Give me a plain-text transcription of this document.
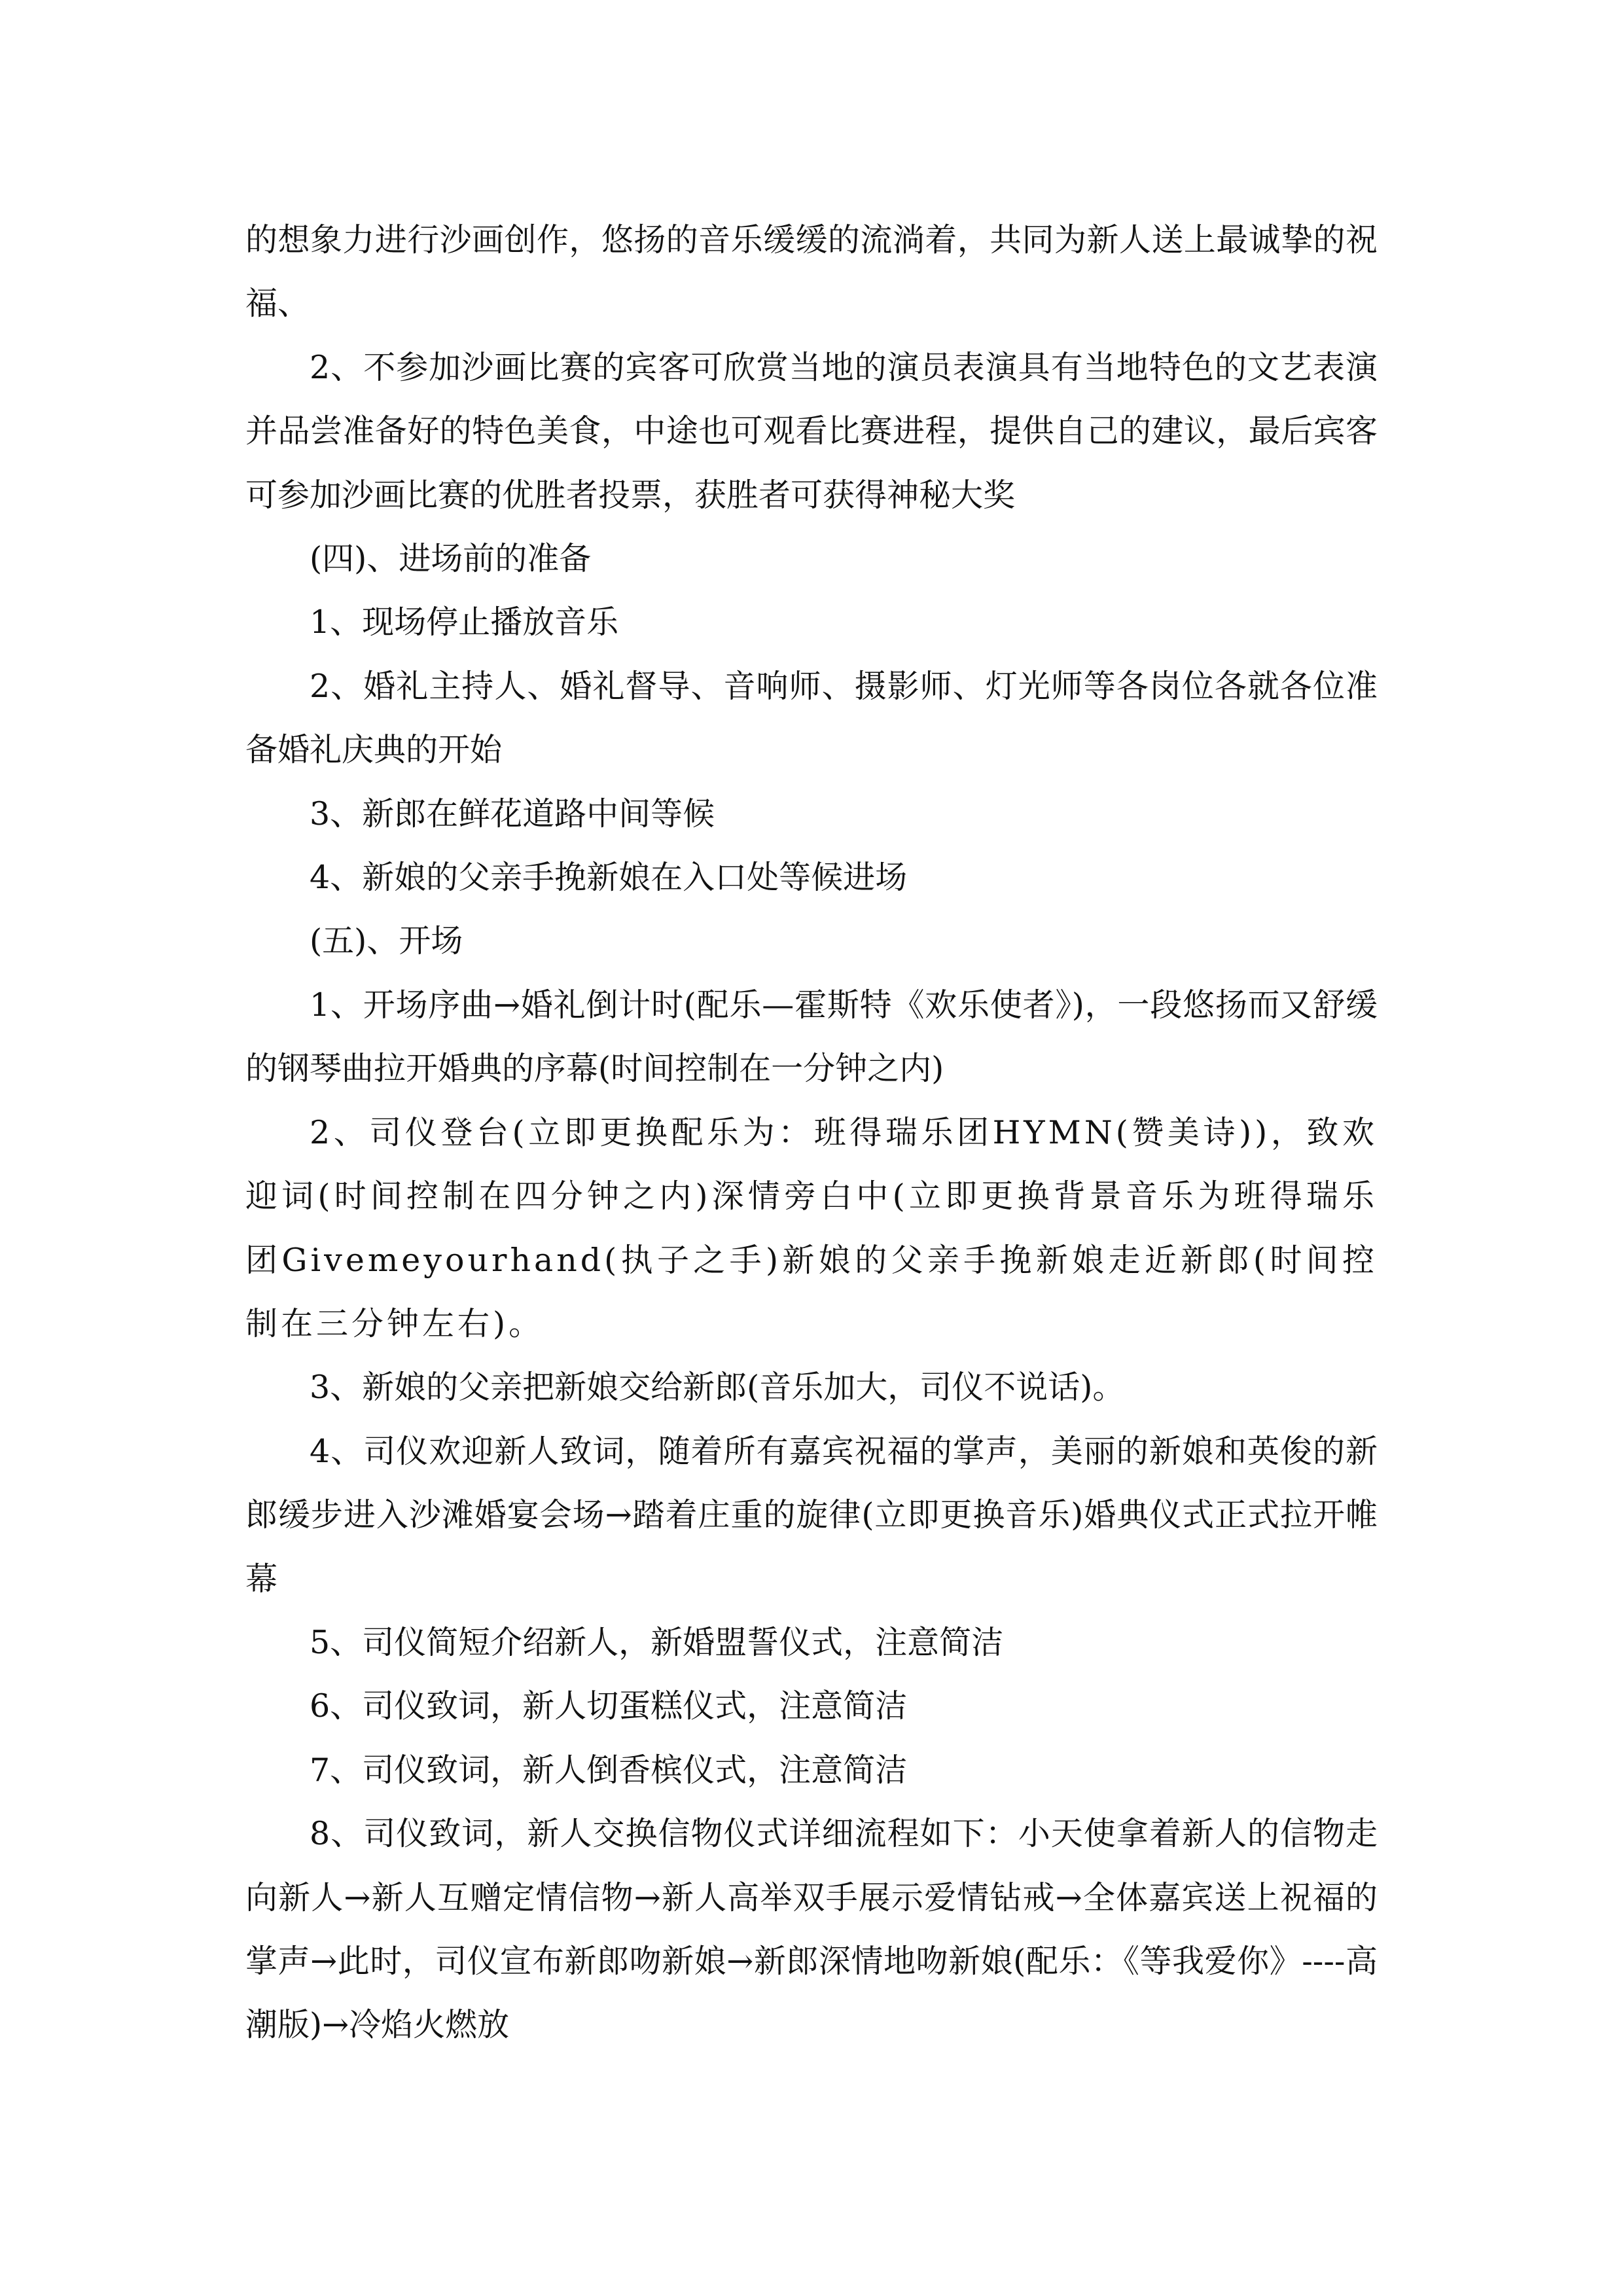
的想象力进行沙画创作，悠扬的音乐缓缓的流淌着，共同为新人送上最诚挚的祝福、

2、不参加沙画比赛的宾客可欣赏当地的演员表演具有当地特色的文艺表演并品尝准备好的特色美食，中途也可观看比赛进程，提供自己的建议，最后宾客可参加沙画比赛的优胜者投票，获胜者可获得神秘大奖

(四)、进场前的准备

1、现场停止播放音乐

2、婚礼主持人、婚礼督导、音响师、摄影师、灯光师等各岗位各就各位准备婚礼庆典的开始

3、新郎在鲜花道路中间等候

4、新娘的父亲手挽新娘在入口处等候进场

(五)、开场

1、开场序曲→婚礼倒计时(配乐—霍斯特《欢乐使者》)，一段悠扬而又舒缓的钢琴曲拉开婚典的序幕(时间控制在一分钟之内)

2、司仪登台(立即更换配乐为：班得瑞乐团HYMN(赞美诗))，致欢迎词(时间控制在四分钟之内)深情旁白中(立即更换背景音乐为班得瑞乐团Givemeyourhand(执子之手)新娘的父亲手挽新娘走近新郎(时间控制在三分钟左右)。

3、新娘的父亲把新娘交给新郎(音乐加大，司仪不说话)。

4、司仪欢迎新人致词，随着所有嘉宾祝福的掌声，美丽的新娘和英俊的新郎缓步进入沙滩婚宴会场→踏着庄重的旋律(立即更换音乐)婚典仪式正式拉开帷幕

5、司仪简短介绍新人，新婚盟誓仪式，注意简洁

6、司仪致词，新人切蛋糕仪式，注意简洁

7、司仪致词，新人倒香槟仪式，注意简洁

8、司仪致词，新人交换信物仪式详细流程如下：小天使拿着新人的信物走向新人→新人互赠定情信物→新人高举双手展示爱情钻戒→全体嘉宾送上祝福的掌声→此时，司仪宣布新郎吻新娘→新郎深情地吻新娘(配乐：《等我爱你》----高潮版)→冷焰火燃放
